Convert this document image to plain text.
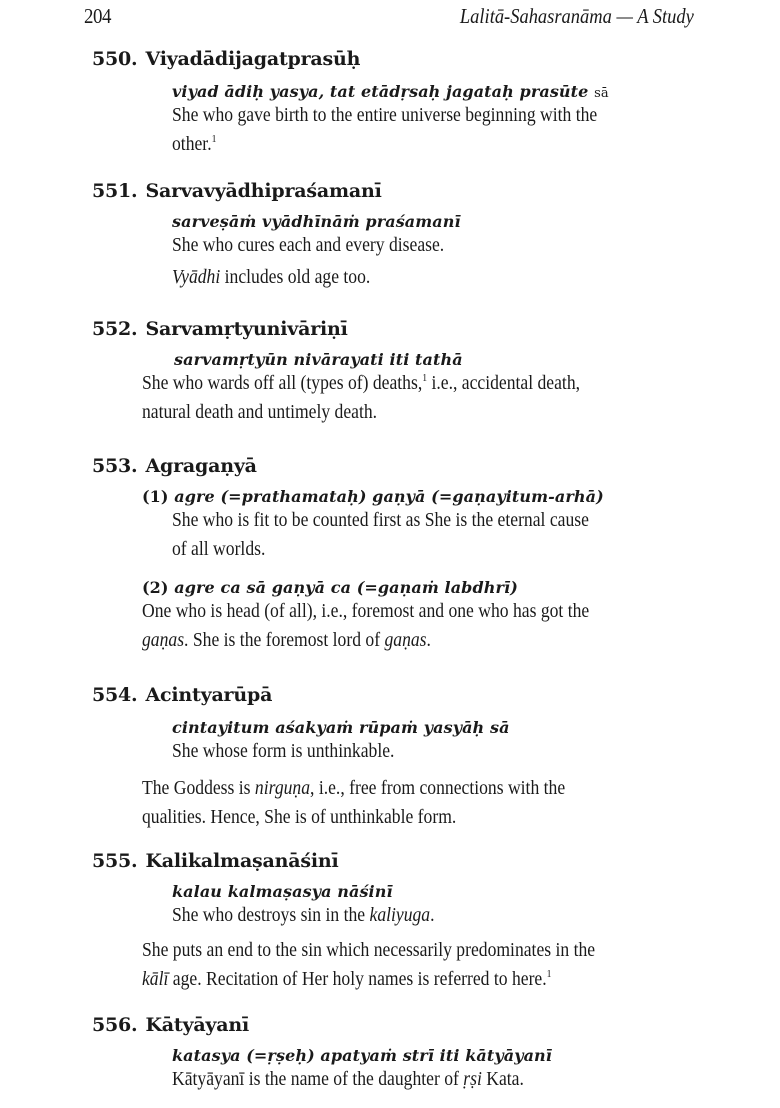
204	Lalitā-Sahasranāma — A Study
550. Viyadādijagatprasūḥ
viyad ādiḥ yasya, tat etādṛsaḥ jagataḥ prasūte sā
She who gave birth to the entire universe beginning with the
other.$^1$
551. Sarvavyādhipraśamanī
sarveṣāṁ vyādhīnāṁ praśamanī
She who cures each and every disease.
Vyādhi includes old age too.
552. Sarvamṛtyunivāriṇī
sarvamṛtyūn nivārayati iti tathā
She who wards off all (types of) deaths,$^1$ i.e., accidental death,
natural death and untimely death.
553. Agragaṇyā
(1) agre (=prathamataḥ) gaṇyā (=gaṇayitum-arhā)
She who is fit to be counted first as She is the eternal cause
of all worlds.
(2) agre ca sā gaṇyā ca (=gaṇaṁ labdhrī)
One who is head (of all), i.e., foremost and one who has got the
gaṇas. She is the foremost lord of gaṇas.
554. Acintyarūpā
cintayitum aśakyaṁ rūpaṁ yasyāḥ sā
She whose form is unthinkable.
The Goddess is nirguṇa, i.e., free from connections with the
qualities. Hence, She is of unthinkable form.
555. Kalikalmaṣanāśinī
kalau kalmaṣasya nāśinī
She who destroys sin in the kaliyuga.
She puts an end to the sin which necessarily predominates in the
kālī age. Recitation of Her holy names is referred to here.$^1$
556. Kātyāyanī
katasya (=ṛṣeḥ) apatyaṁ strī iti kātyāyanī
Kātyāyanī is the name of the daughter of ṛṣi Kata.
